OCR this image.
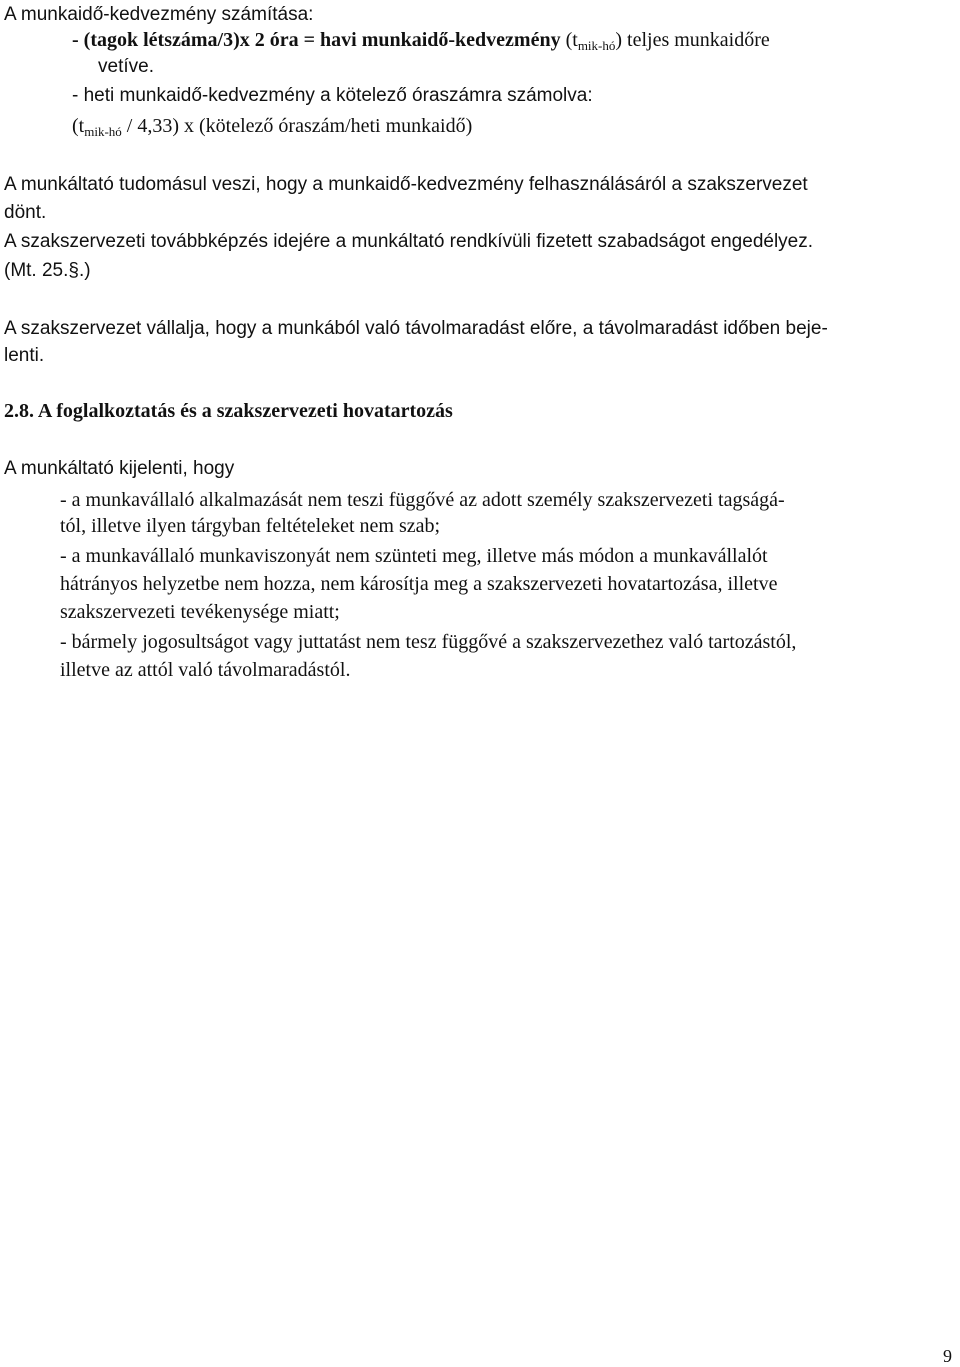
A munkaidő-kedvezmény számítása:
- (tagok létszáma/3)x 2 óra = havi munkaidő-kedvezmény $(t_{mik-hó})$ teljes munkaidőre
vetíve.
- heti munkaidő-kedvezmény a kötelező óraszámra számolva:
$(t_{mik-hó} / 4,33)$ x (kötelező óraszám/heti munkaidő)
A munkáltató tudomásul veszi, hogy a munkaidő-kedvezmény felhasználásáról a szakszervezet
dönt.
A szakszervezeti továbbképzés idejére a munkáltató rendkívüli fizetett szabadságot engedélyez.
(Mt. 25.§.)
A szakszervezet vállalja, hogy a munkából való távolmaradást előre, a távolmaradást időben beje-
lenti.
2.8. A foglalkoztatás és a szakszervezeti hovatartozás
A munkáltató kijelenti, hogy
- a munkavállaló alkalmazását nem teszi függővé az adott személy szakszervezeti tagságá-
tól, illetve ilyen tárgyban feltételeket nem szab;
- a munkavállaló munkaviszonyát nem szünteti meg, illetve más módon a munkavállalót
hátrányos helyzetbe nem hozza, nem károsítja meg a szakszervezeti hovatartozása, illetve
szakszervezeti tevékenysége miatt;
- bármely jogosultságot vagy juttatást nem tesz függővé a szakszervezethez való tartozástól,
illetve az attól való távolmaradástól.
9
